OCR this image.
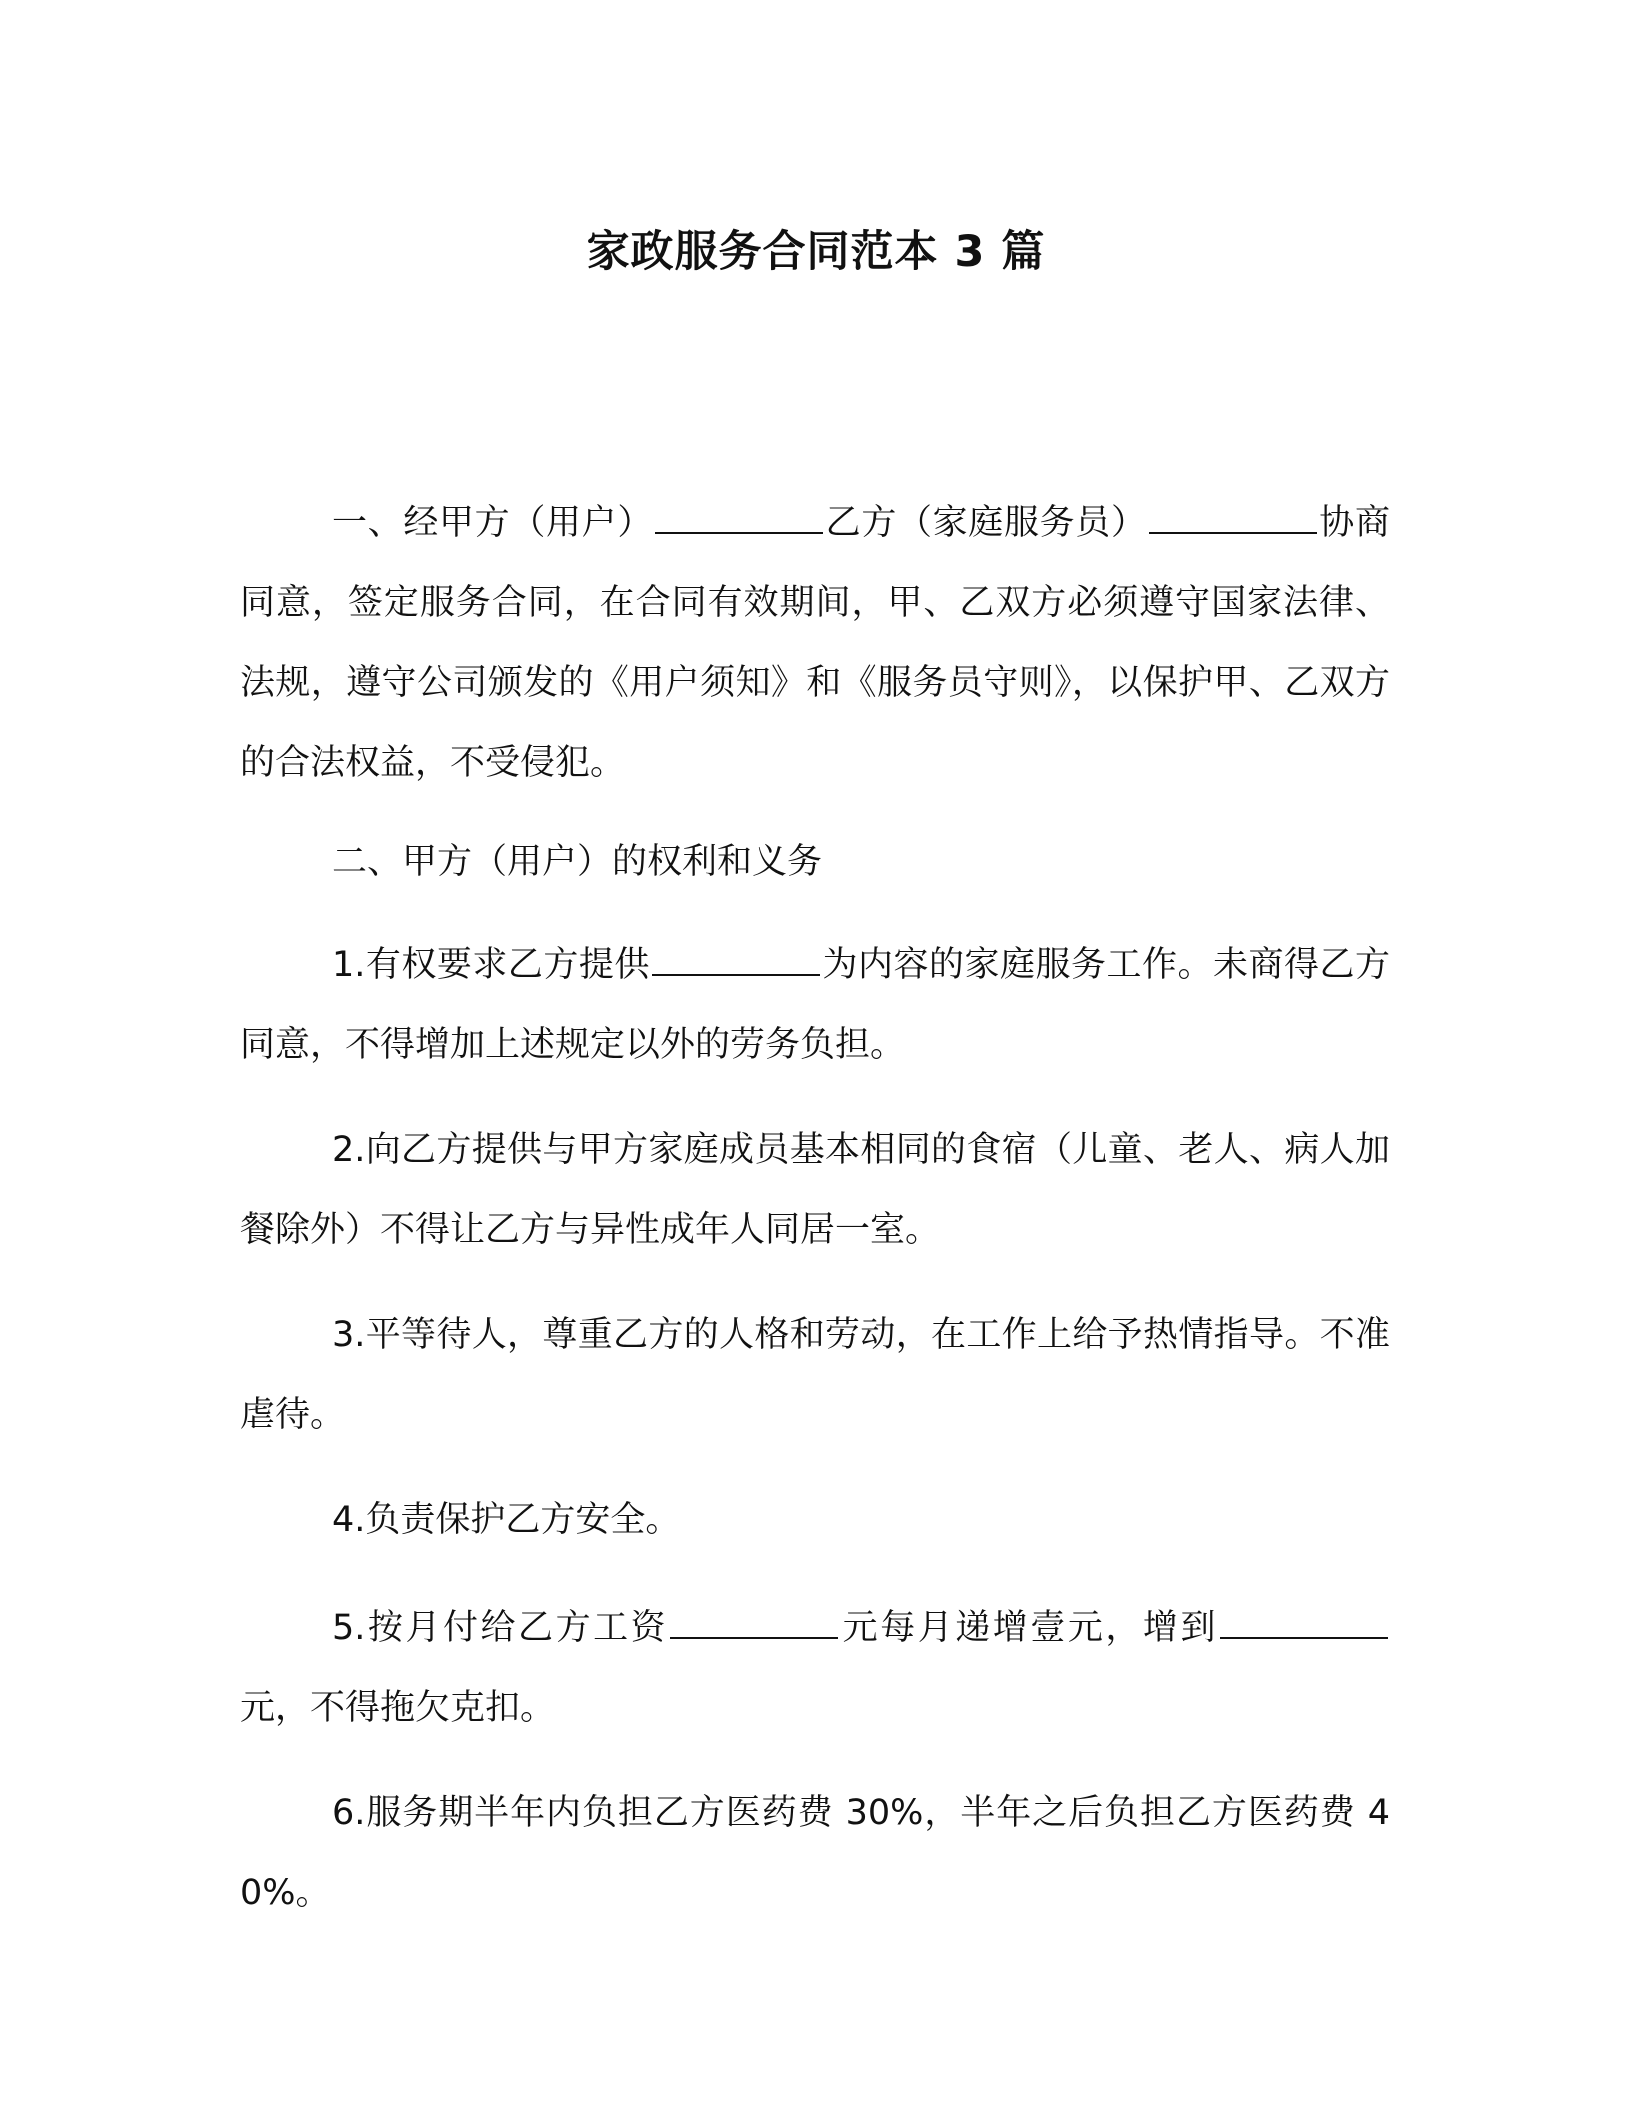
家政服务合同范本 3 篇

一、经甲方（用户）	乙方（家庭服务员）	协商同意，签定服务合同，在合同有效期间，甲、乙双方必须遵守国家法律、法规，遵守公司颁发的《用户须知》和《服务员守则》，以保护甲、乙双方的合法权益，不受侵犯。

二、甲方（用户）的权利和义务

1.有权要求乙方提供	为内容的家庭服务工作。未商得乙方同意，不得增加上述规定以外的劳务负担。

2.向乙方提供与甲方家庭成员基本相同的食宿（儿童、老人、病人加餐除外）不得让乙方与异性成年人同居一室。

3.平等待人，尊重乙方的人格和劳动，在工作上给予热情指导。不准虐待。

4.负责保护乙方安全。

5.按月付给乙方工资	元每月递增壹元，增到元，不得拖欠克扣。

6.服务期半年内负担乙方医药费 30%，半年之后负担乙方医药费 40%。
